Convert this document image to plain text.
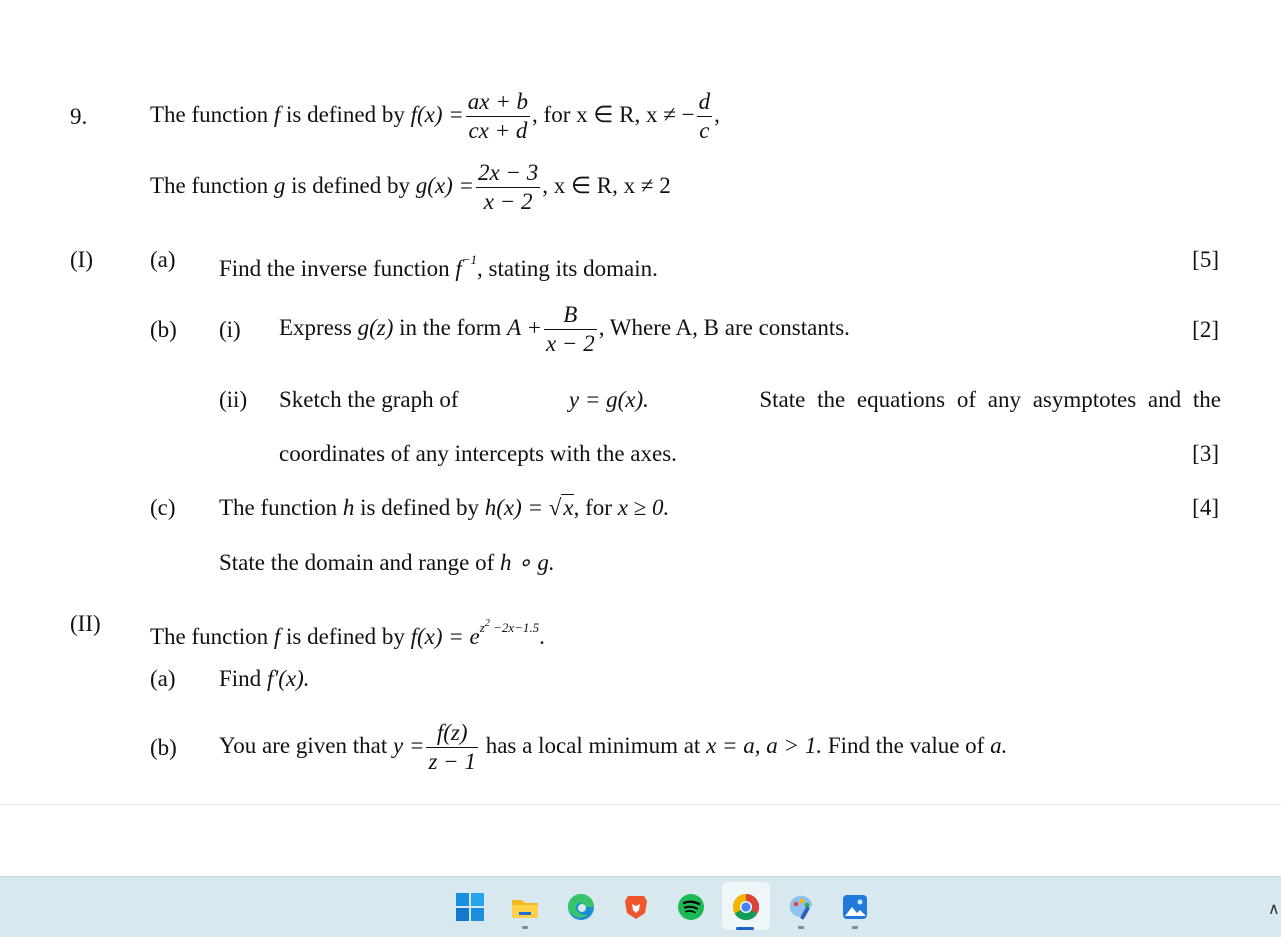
9.	The function f is defined by $f(x) = \frac{ax + b}{cx + d}$ , for x ∈ R, x ≠ − $\frac{d}{c}$ ,
The function g is defined by $g(x) = \frac{2x - 3}{x - 2}$ , x ∈ R, x ≠ 2
(I) (a) Find the inverse function $f^{-1}$, stating its domain.	[5]
(b) (i) Express g(z) in the form $A + \frac{B}{x - 2}$ , Where A, B are constants.	[2]
(ii) Sketch the graph of	y = g(x).	State the equations of any asymptotes and the
coordinates of any intercepts with the axes.	[3]
(c) The function h is defined by h(x) = √x, for x ≥ 0.	[4]
State the domain and range of h ∘ g.
(II)
The function f is defined by $f(x) = e^{z^2 -2x-1.5}$.
(a) Find f'(x).
(b) You are given that $y = \frac{f(z)}{z - 1}$ has a local minimum at x = a, a > 1. Find the value of a.
∧
